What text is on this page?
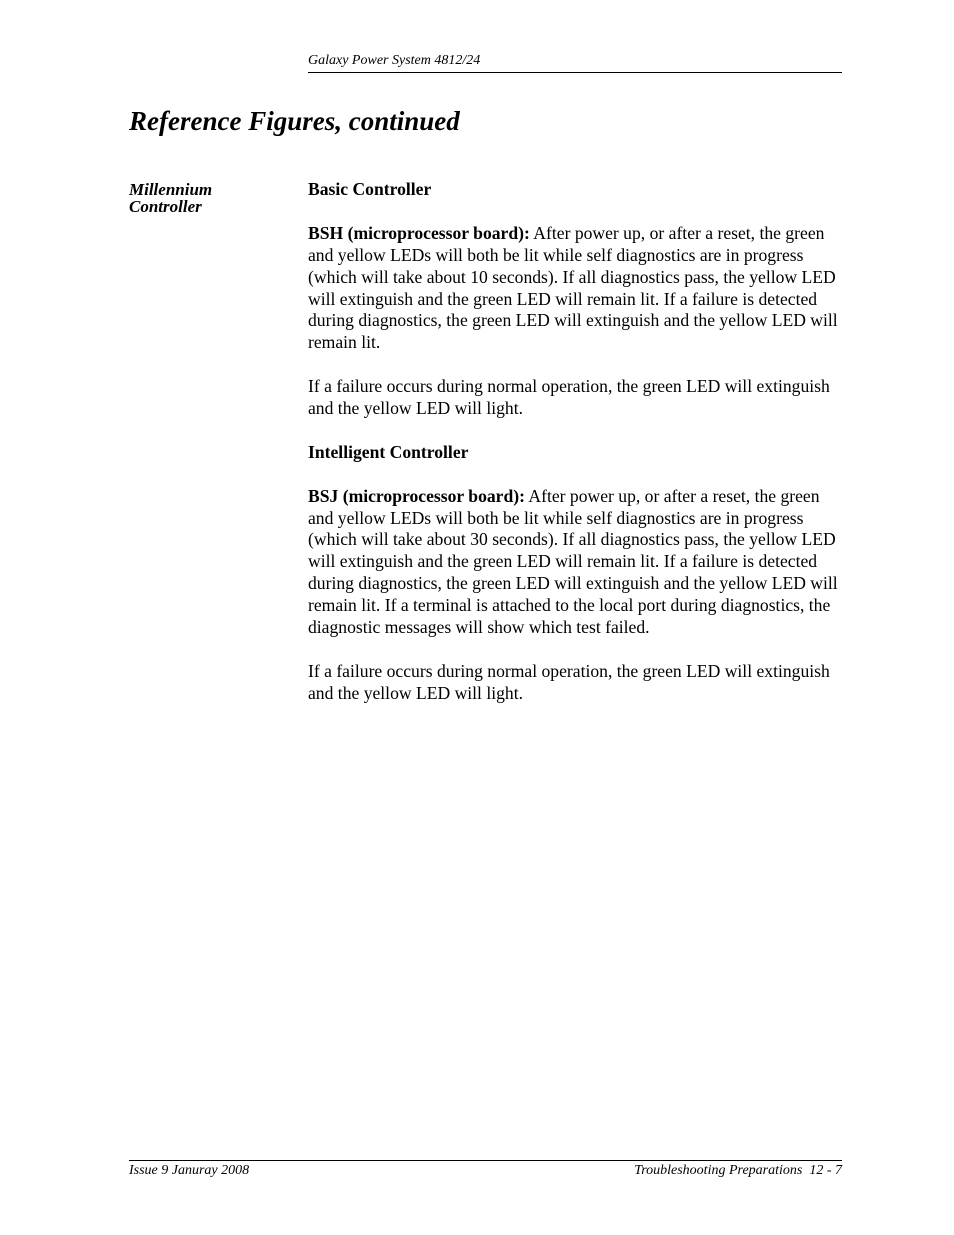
Galaxy Power System 4812/24
Reference Figures, continued
Millennium Controller

Basic Controller

BSH (microprocessor board): After power up, or after a reset, the green and yellow LEDs will both be lit while self diagnostics are in progress (which will take about 10 seconds). If all diagnostics pass, the yellow LED will extinguish and the green LED will remain lit. If a failure is detected during diagnostics, the green LED will extinguish and the yellow LED will remain lit.

If a failure occurs during normal operation, the green LED will extinguish and the yellow LED will light.

Intelligent Controller

BSJ (microprocessor board): After power up, or after a reset, the green and yellow LEDs will both be lit while self diagnostics are in progress (which will take about 30 seconds). If all diagnostics pass, the yellow LED will extinguish and the green LED will remain lit. If a failure is detected during diagnostics, the green LED will extinguish and the yellow LED will remain lit. If a terminal is attached to the local port during diagnostics, the diagnostic messages will show which test failed.

If a failure occurs during normal operation, the green LED will extinguish and the yellow LED will light.

Issue 9 Januray 2008	Troubleshooting Preparations  12 - 7
